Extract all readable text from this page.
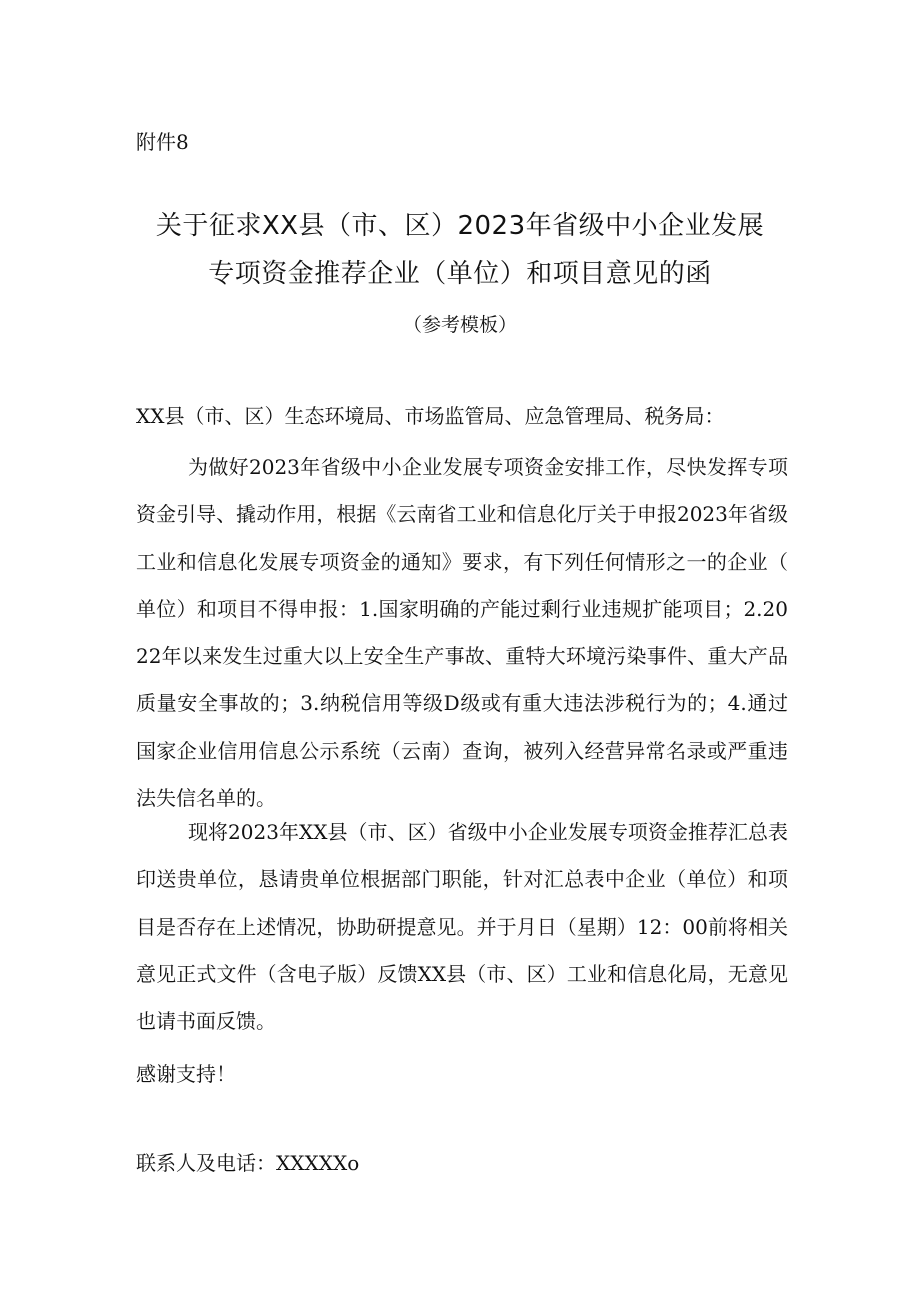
附件8
关于征求XX县（市、区）2023年省级中小企业发展
专项资金推荐企业（单位）和项目意见的函
（参考模板）

XX县（市、区）生态环境局、市场监管局、应急管理局、税务局：

为做好2023年省级中小企业发展专项资金安排工作，尽快发挥专项资金引导、撬动作用，根据《云南省工业和信息化厅关于申报2023年省级工业和信息化发展专项资金的通知》要求，有下列任何情形之一的企业（单位）和项目不得申报：1.国家明确的产能过剩行业违规扩能项目；2.2022年以来发生过重大以上安全生产事故、重特大环境污染事件、重大产品质量安全事故的；3.纳税信用等级D级或有重大违法涉税行为的；4.通过国家企业信用信息公示系统（云南）查询，被列入经营异常名录或严重违法失信名单的。

现将2023年XX县（市、区）省级中小企业发展专项资金推荐汇总表印送贵单位，恳请贵单位根据部门职能，针对汇总表中企业（单位）和项目是否存在上述情况，协助研提意见。并于月日（星期）12：00前将相关意见正式文件（含电子版）反馈XX县（市、区）工业和信息化局，无意见也请书面反馈。

感谢支持！

联系人及电话：XXXXXo
